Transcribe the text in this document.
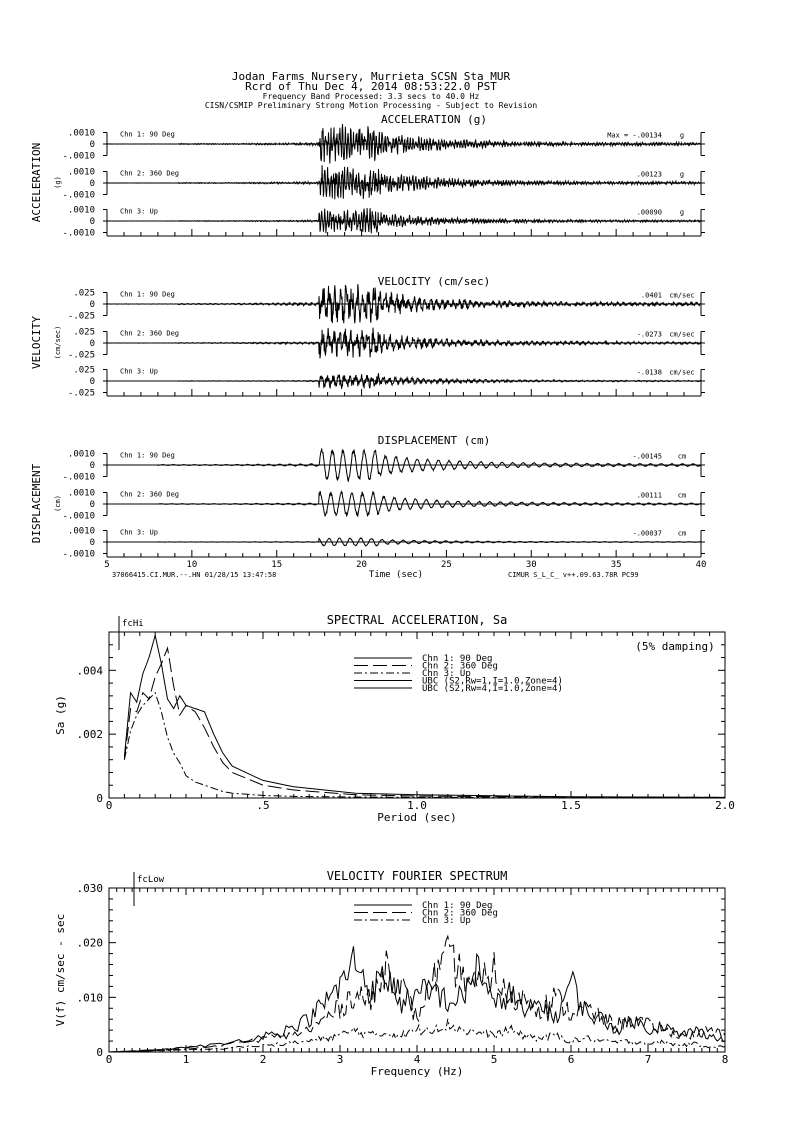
Jodan Farms Nursery, Murrieta SCSN Sta MUR
Rcrd of Thu Dec 4, 2014 08:53:22.0 PST
Frequency Band Processed: 3.3 secs to 40.0 Hz
CISN/CSMIP Preliminary Strong Motion Processing - Subject to Revision
ACCELERATION (g)
ACCELERATION (g)
.0010
0
-.0010
Chn 1: 90 Deg	Max = -.00134	g
.0010
0
-.0010
Chn 2: 360 Deg	.00123	g
.0010
0
-.0010
Chn 3: Up	.00090	g
VELOCITY (cm/sec)
VELOCITY (cm/sec)
.025
0
-.025
Chn 1: 90 Deg	.0401 cm/sec
.025
0
-.025
Chn 2: 360 Deg	-.0273 cm/sec
.025
0
-.025
Chn 3: Up	-.0138 cm/sec
DISPLACEMENT (cm)
DISPLACEMENT (cm)
.0010
0
-.0010
Chn 1: 90 Deg	-.00145 cm
.0010
0
-.0010
Chn 2: 360 Deg	.00111 cm
.0010
0
-.0010
Chn 3: Up	-.00037 cm
5	10	15	20	25	30	35	40
Time (sec)
37066415.CI.MUR.--.HN 01/28/15 13:47:58	CIMUR S_L_C_ v++.09.63.78R PC99
SPECTRAL ACCELERATION, Sa
(5% damping)
0	.5	1.0	1.5	2.0
0
.002
.004
Period (sec)
Sa (g)
fcHi
Chn 1: 90 Deg
Chn 2: 360 Deg
Chn 3: Up
UBC (S2,Rw=1,I=1.0,Zone=4)
UBC (S2,Rw=4,I=1.0,Zone=4)
VELOCITY FOURIER SPECTRUM
0	1	2	3	4	5	6	7	8
0
.010
.020
.030
Frequency (Hz)
V(f) cm/sec - sec
fcLow
Chn 1: 90 Deg
Chn 2: 360 Deg
Chn 3: Up
